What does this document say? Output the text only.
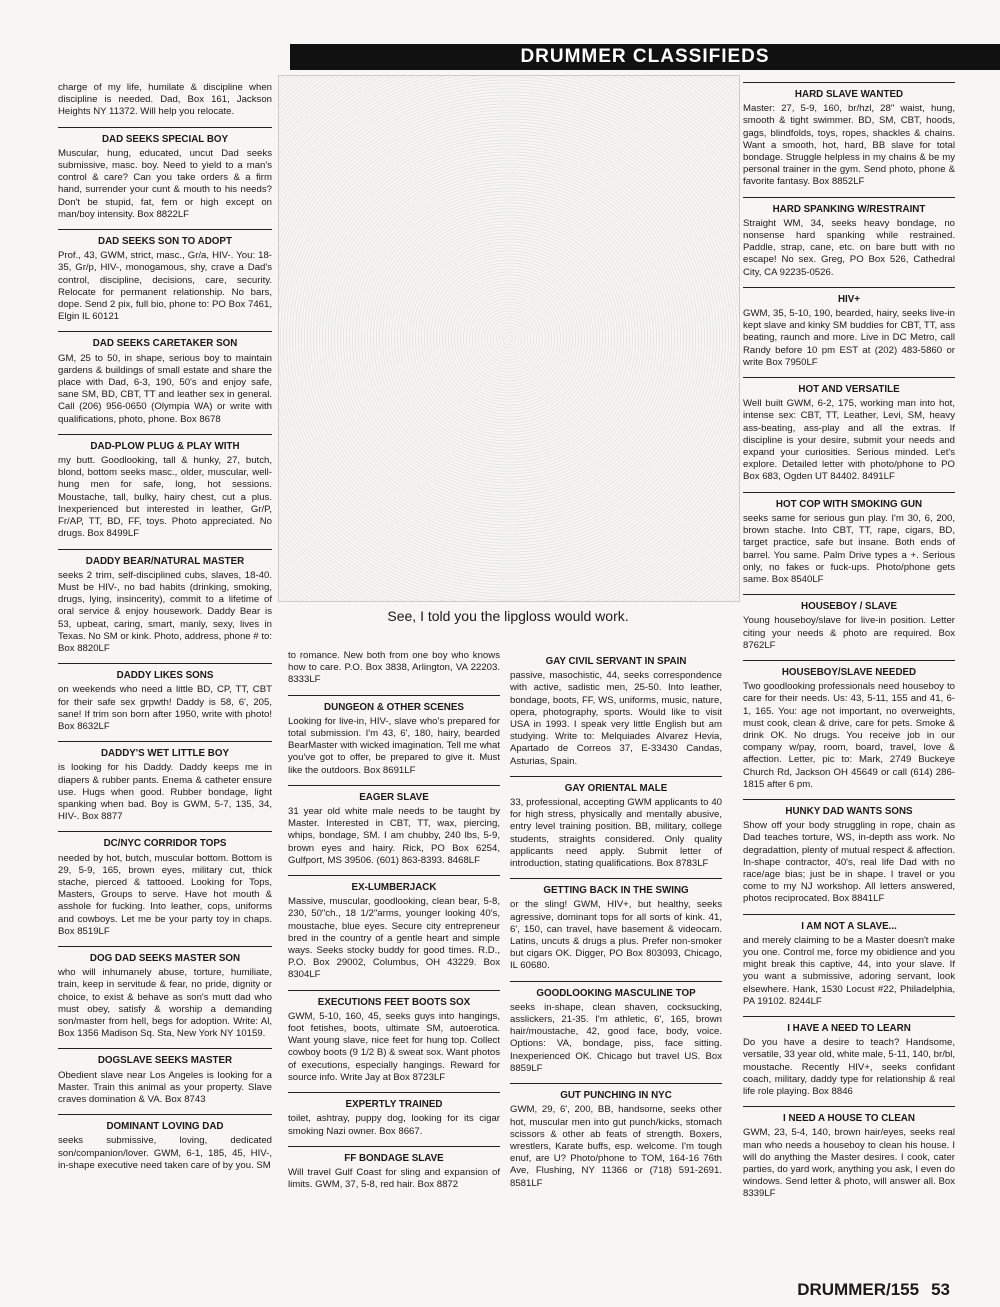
DRUMMER CLASSIFIEDS

charge of my life, humilate & discipline when discipline is needed. Dad, Box 161, Jackson Heights NY 11372. Will help you relocate.

DAD SEEKS SPECIAL BOY

Muscular, hung, educated, uncut Dad seeks submissive, masc. boy. Need to yield to a man's control & care? Can you take orders & a firm hand, surrender your cunt & mouth to his needs? Don't be stupid, fat, fem or high except on man/boy intensity. Box 8822LF

DAD SEEKS SON TO ADOPT

Prof., 43, GWM, strict, masc., Gr/a, HIV-. You: 18-35, Gr/p, HIV-, monogamous, shy, crave a Dad's control, discipline, decisions, care, security. Relocate for permanent relationship. No bars, dope. Send 2 pix, full bio, phone to: PO Box 7461, Elgin IL 60121

DAD SEEKS CARETAKER SON

GM, 25 to 50, in shape, serious boy to maintain gardens & buildings of small estate and share the place with Dad, 6-3, 190, 50's and enjoy safe, sane SM, BD, CBT, TT and leather sex in general. Call (206) 956-0650 (Olympia WA) or write with qualifications, photo, phone. Box 8678

DAD-PLOW PLUG & PLAY WITH

my butt. Goodlooking, tall & hunky, 27, butch, blond, bottom seeks masc., older, muscular, well-hung men for safe, long, hot sessions. Moustache, tall, bulky, hairy chest, cut a plus. Inexperienced but interested in leather, Gr/P, Fr/AP, TT, BD, FF, toys. Photo appreciated. No drugs. Box 8499LF

DADDY BEAR/NATURAL MASTER

seeks 2 trim, self-disciplined cubs, slaves, 18-40. Must be HIV-, no bad habits (drinking, smoking, drugs, lying, insincerity), commit to a lifetime of oral service & enjoy housework. Daddy Bear is 53, upbeat, caring, smart, manly, sexy, lives in Texas. No SM or kink. Photo, address, phone # to: Box 8820LF

DADDY LIKES SONS

on weekends who need a little BD, CP, TT, CBT for their safe sex grpwth! Daddy is 58, 6', 205, sane! If trim son born after 1950, write with photo! Box 8632LF

DADDY'S WET LITTLE BOY

is looking for his Daddy. Daddy keeps me in diapers & rubber pants. Enema & catheter ensure use. Hugs when good. Rubber bondage, light spanking when bad. Boy is GWM, 5-7, 135, 34, HIV-. Box 8877

DC/NYC CORRIDOR TOPS

needed by hot, butch, muscular bottom. Bottom is 29, 5-9, 165, brown eyes, military cut, thick stache, pierced & tattooed. Looking for Tops, Masters, Groups to serve. Have hot mouth & asshole for fucking. Into leather, cops, uniforms and cowboys. Let me be your party toy in chaps. Box 8519LF

DOG DAD SEEKS MASTER SON

who will inhumanely abuse, torture, humiliate, train, keep in servitude & fear, no pride, dignity or choice, to exist & behave as son's mutt dad who must obey, satisfy & worship a demanding son/master from hell, begs for adoption. Write: Al, Box 1356 Madison Sq. Sta, New York NY 10159.

DOGSLAVE SEEKS MASTER

Obedient slave near Los Angeles is looking for a Master. Train this animal as your property. Slave craves domination & VA. Box 8743

DOMINANT LOVING DAD

seeks submissive, loving, dedicated son/companion/lover. GWM, 6-1, 185, 45, HIV-, in-shape executive need taken care of by you. SM

See, I told you the lipgloss would work.

to romance. New both from one boy who knows how to care. P.O. Box 3838, Arlington, VA 22203. 8333LF

DUNGEON & OTHER SCENES

Looking for live-in, HIV-, slave who's prepared for total submission. I'm 43, 6', 180, hairy, bearded BearMaster with wicked imagination. Tell me what you've got to offer, be prepared to give it. Must like the outdoors. Box 8691LF

EAGER SLAVE

31 year old white male needs to be taught by Master. Interested in CBT, TT, wax, piercing, whips, bondage, SM. I am chubby, 240 lbs, 5-9, brown eyes and hairy. Rick, PO Box 6254, Gulfport, MS 39506. (601) 863-8393. 8468LF

EX-LUMBERJACK

Massive, muscular, goodlooking, clean bear, 5-8, 230, 50"ch., 18 1/2"arms, younger looking 40's, moustache, blue eyes. Secure city entrepreneur bred in the country of a gentle heart and simple ways. Seeks stocky buddy for good times. R.D., P.O. Box 29002, Columbus, OH 43229. Box 8304LF

EXECUTIONS FEET BOOTS SOX

GWM, 5-10, 160, 45, seeks guys into hangings, foot fetishes, boots, ultimate SM, autoerotica. Want young slave, nice feet for hung top. Collect cowboy boots (9 1/2 B) & sweat sox. Want photos of executions, especially hangings. Reward for source info. Write Jay at Box 8723LF

EXPERTLY TRAINED

toilet, ashtray, puppy dog, looking for its cigar smoking Nazi owner. Box 8667.

FF BONDAGE SLAVE

Will travel Gulf Coast for sling and expansion of limits. GWM, 37, 5-8, red hair. Box 8872

GAY CIVIL SERVANT IN SPAIN

passive, masochistic, 44, seeks correspondence with active, sadistic men, 25-50. Into leather, bondage, boots, FF, WS, uniforms, music, nature, opera, photography, sports. Would like to visit USA in 1993. I speak very little English but am studying. Write to: Melquiades Alvarez Hevia, Apartado de Correos 37, E-33430 Candas, Asturias, Spain.

GAY ORIENTAL MALE

33, professional, accepting GWM applicants to 40 for high stress, physically and mentally abusive, entry level training position. BB, military, college students, straights considered. Only quality applicants need apply. Submit letter of introduction, stating qualifications. Box 8783LF

GETTING BACK IN THE SWING

or the sling! GWM, HIV+, but healthy, seeks agressive, dominant tops for all sorts of kink. 41, 6', 150, can travel, have basement & videocam. Latins, uncuts & drugs a plus. Prefer non-smoker but cigars OK. Digger, PO Box 803093, Chicago, IL 60680.

GOODLOOKING MASCULINE TOP

seeks in-shape, clean shaven, cocksucking, asslickers, 21-35. I'm athletic, 6', 165, brown hair/moustache, 42, good face, body, voice. Options: VA, bondage, piss, face sitting. Inexperienced OK. Chicago but travel US. Box 8859LF

GUT PUNCHING IN NYC

GWM, 29, 6', 200, BB, handsome, seeks other hot, muscular men into gut punch/kicks, stomach scissors & other ab feats of strength. Boxers, wrestlers, Karate buffs, esp. welcome. I'm tough enuf, are U? Photo/phone to TOM, 164-16 76th Ave, Flushing, NY 11366 or (718) 591-2691. 8581LF

HARD SLAVE WANTED

Master: 27, 5-9, 160, br/hzl, 28" waist, hung, smooth & tight swimmer. BD, SM, CBT, hoods, gags, blindfolds, toys, ropes, shackles & chains. Want a smooth, hot, hard, BB slave for total bondage. Struggle helpless in my chains & be my personal trainer in the gym. Send photo, phone & favorite fantasy. Box 8852LF

HARD SPANKING W/RESTRAINT

Straight WM, 34, seeks heavy bondage, no nonsense hard spanking while restrained. Paddle, strap, cane, etc. on bare butt with no escape! No sex. Greg, PO Box 526, Cathedral City, CA 92235-0526.

HIV+

GWM, 35, 5-10, 190, bearded, hairy, seeks live-in kept slave and kinky SM buddies for CBT, TT, ass beating, raunch and more. Live in DC Metro, call Randy before 10 pm EST at (202) 483-5860 or write Box 7950LF

HOT AND VERSATILE

Well built GWM, 6-2, 175, working man into hot, intense sex: CBT, TT, Leather, Levi, SM, heavy ass-beating, ass-play and all the extras. If discipline is your desire, submit your needs and expand your curiosities. Serious minded. Let's explore. Detailed letter with photo/phone to PO Box 683, Ogden UT 84402. 8491LF

HOT COP WITH SMOKING GUN

seeks same for serious gun play. I'm 30, 6, 200, brown stache. Into CBT, TT, rape, cigars, BD, target practice, safe but insane. Both ends of barrel. You same. Palm Drive types a +. Serious only, no fakes or fuck-ups. Photo/phone gets same. Box 8540LF

HOUSEBOY / SLAVE

Young houseboy/slave for live-in position. Letter citing your needs & photo are required. Box 8762LF

HOUSEBOY/SLAVE NEEDED

Two goodlooking professionals need houseboy to care for their needs. Us: 43, 5-11, 155 and 41, 6-1, 165. You: age not important, no overweights, must cook, clean & drive, care for pets. Smoke & drink OK. No drugs. You receive job in our company w/pay, room, board, travel, love & affection. Letter, pic to: Mark, 2749 Buckeye Church Rd, Jackson OH 45649 or call (614) 286-1815 after 6 pm.

HUNKY DAD WANTS SONS

Show off your body struggling in rope, chain as Dad teaches torture, WS, in-depth ass work. No degradattion, plenty of mutual respect & affection. In-shape contractor, 40's, real life Dad with no race/age bias; just be in shape. I travel or you come to my NJ workshop. All letters answered, photos reciprocated. Box 8841LF

I AM NOT A SLAVE...

and merely claiming to be a Master doesn't make you one. Control me, force my obidience and you might break this captive, 44, into your slave. If you want a submissive, adoring servant, look elsewhere. Hank, 1530 Locust #22, Philadelphia, PA 19102. 8244LF

I HAVE A NEED TO LEARN

Do you have a desire to teach? Handsome, versatile, 33 year old, white male, 5-11, 140, br/bl, moustache. Recently HIV+, seeks confidant coach, military, daddy type for relationship & real life role playing. Box 8846

I NEED A HOUSE TO CLEAN

GWM, 23, 5-4, 140, brown hair/eyes, seeks real man who needs a houseboy to clean his house. I will do anything the Master desires. I cook, cater parties, do yard work, anything you ask, I even do windows. Send letter & photo, will answer all. Box 8339LF

DRUMMER/155 53
